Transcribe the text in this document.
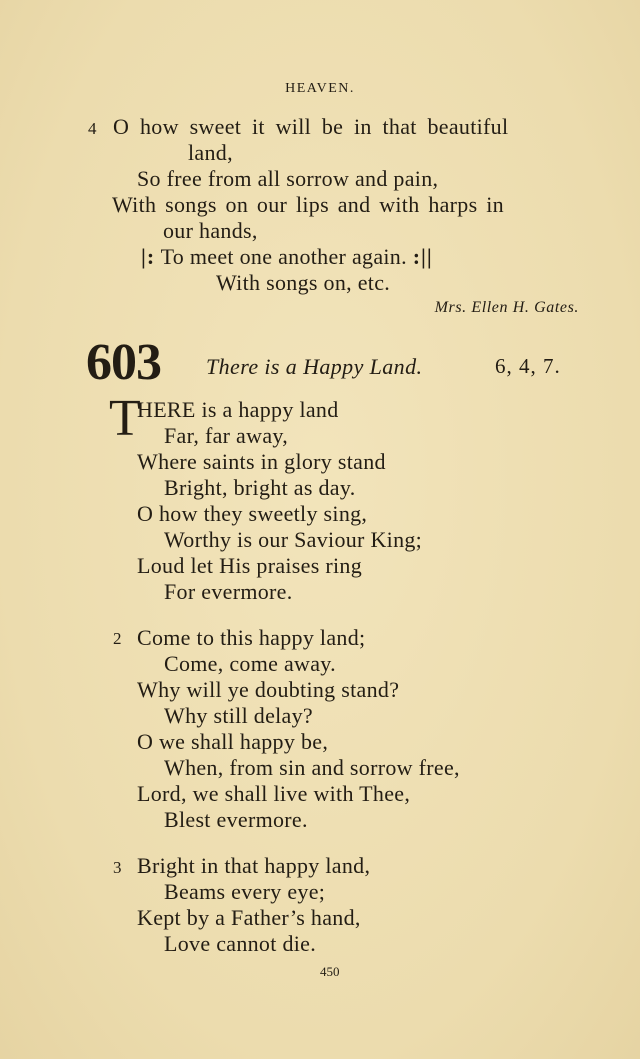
HEAVEN.
4 O how sweet it will be in that beautiful
land,
So free from all sorrow and pain,
With songs on our lips and with harps in
our hands,
|: To meet one another again. :||
With songs on, etc.
Mrs. Ellen H. Gates.
603 There is a Happy Land.	6, 4, 7.
T
HERE is a happy land
Far, far away,
Where saints in glory stand
Bright, bright as day.
O how they sweetly sing,
Worthy is our Saviour King;
Loud let His praises ring
For evermore.
2 Come to this happy land;
Come, come away.
Why will ye doubting stand?
Why still delay?
O we shall happy be,
When, from sin and sorrow free,
Lord, we shall live with Thee,
Blest evermore.
3 Bright in that happy land,
Beams every eye;
Kept by a Father’s hand,
Love cannot die.
450
